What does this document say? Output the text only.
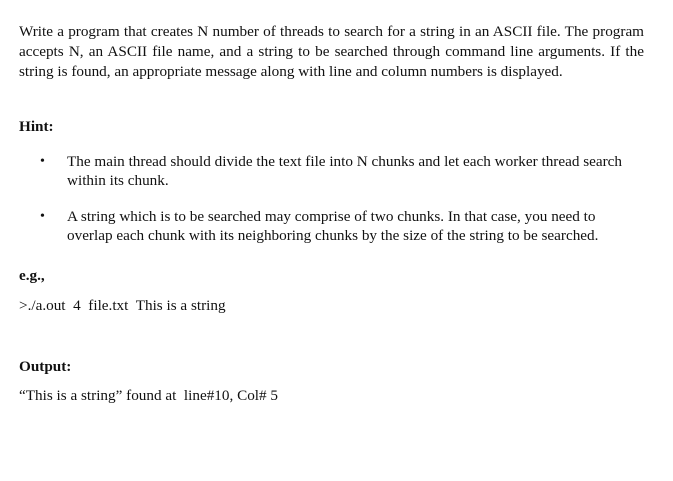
Write a program that creates N number of threads to search for a string in an ASCII file. The program accepts N, an ASCII file name, and a string to be searched through command line arguments. If the string is found, an appropriate message along with line and column numbers is displayed.

Hint:

• The main thread should divide the text file into N chunks and let each worker thread search within its chunk.
• A string which is to be searched may comprise of two chunks. In that case, you need to overlap each chunk with its neighboring chunks by the size of the string to be searched.

e.g.,

>./a.out  4  file.txt  This is a string

Output:

“This is a string” found at  line#10, Col# 5
